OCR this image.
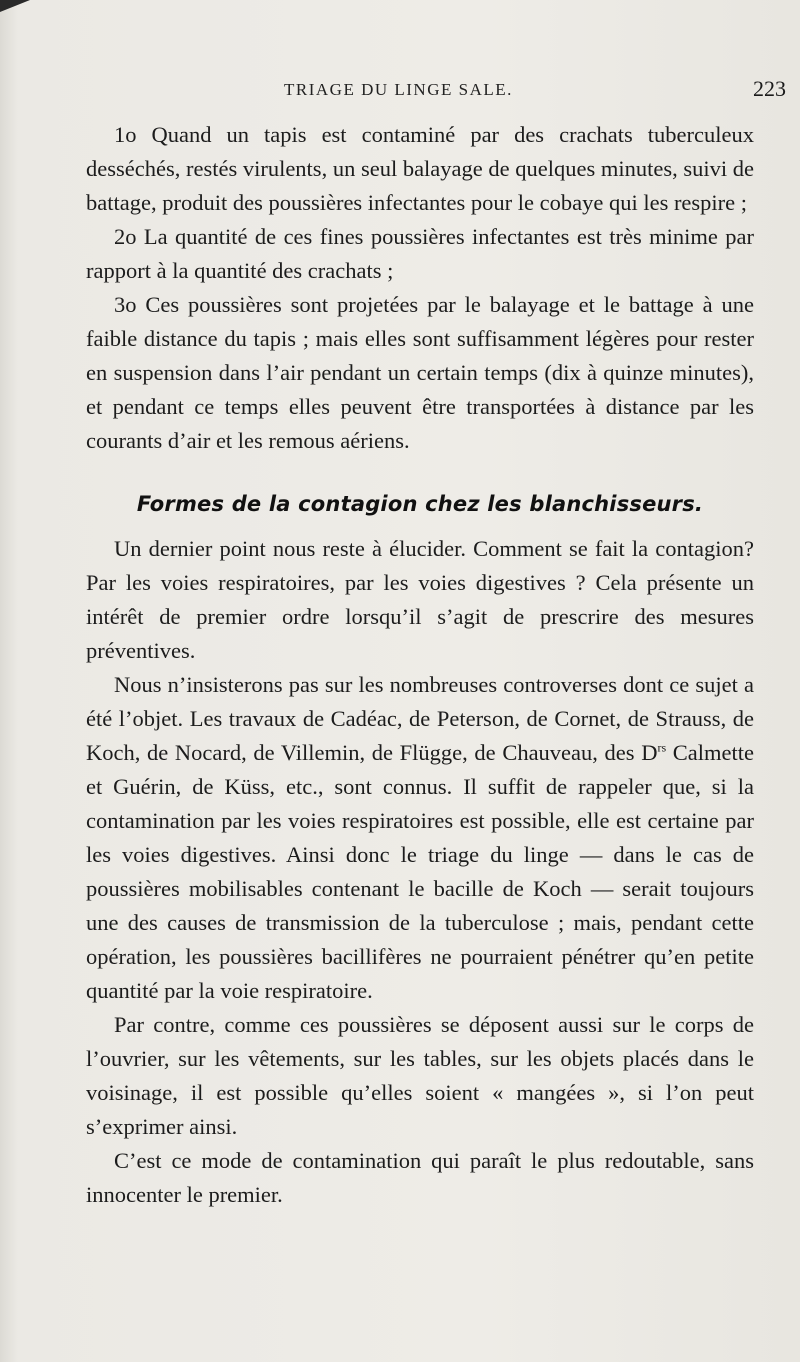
TRIAGE DU LINGE SALE.	223

1o Quand un tapis est contaminé par des crachats tuberculeux desséchés, restés virulents, un seul balayage de quelques minutes, suivi de battage, produit des poussières infectantes pour le cobaye qui les respire ;

2o La quantité de ces fines poussières infectantes est très minime par rapport à la quantité des crachats ;

3o Ces poussières sont projetées par le balayage et le battage à une faible distance du tapis ; mais elles sont suffisamment légères pour rester en suspension dans l’air pendant un certain temps (dix à quinze minutes), et pendant ce temps elles peuvent être transportées à distance par les courants d’air et les remous aériens.

Formes de la contagion chez les blanchisseurs.

Un dernier point nous reste à élucider. Comment se fait la contagion? Par les voies respiratoires, par les voies digestives ? Cela présente un intérêt de premier ordre lorsqu’il s’agit de prescrire des mesures préventives.

Nous n’insisterons pas sur les nombreuses controverses dont ce sujet a été l’objet. Les travaux de Cadéac, de Peterson, de Cornet, de Strauss, de Koch, de Nocard, de Villemin, de Flügge, de Chauveau, des $D^{rs}$ Calmette et Guérin, de Küss, etc., sont connus. Il suffit de rappeler que, si la contamination par les voies respiratoires est possible, elle est certaine par les voies digestives. Ainsi donc le triage du linge — dans le cas de poussières mobilisables contenant le bacille de Koch — serait toujours une des causes de transmission de la tuberculose ; mais, pendant cette opération, les poussières bacillifères ne pourraient pénétrer qu’en petite quantité par la voie respiratoire.

Par contre, comme ces poussières se déposent aussi sur le corps de l’ouvrier, sur les vêtements, sur les tables, sur les objets placés dans le voisinage, il est possible qu’elles soient « mangées », si l’on peut s’exprimer ainsi.

C’est ce mode de contamination qui paraît le plus redoutable, sans innocenter le premier.
